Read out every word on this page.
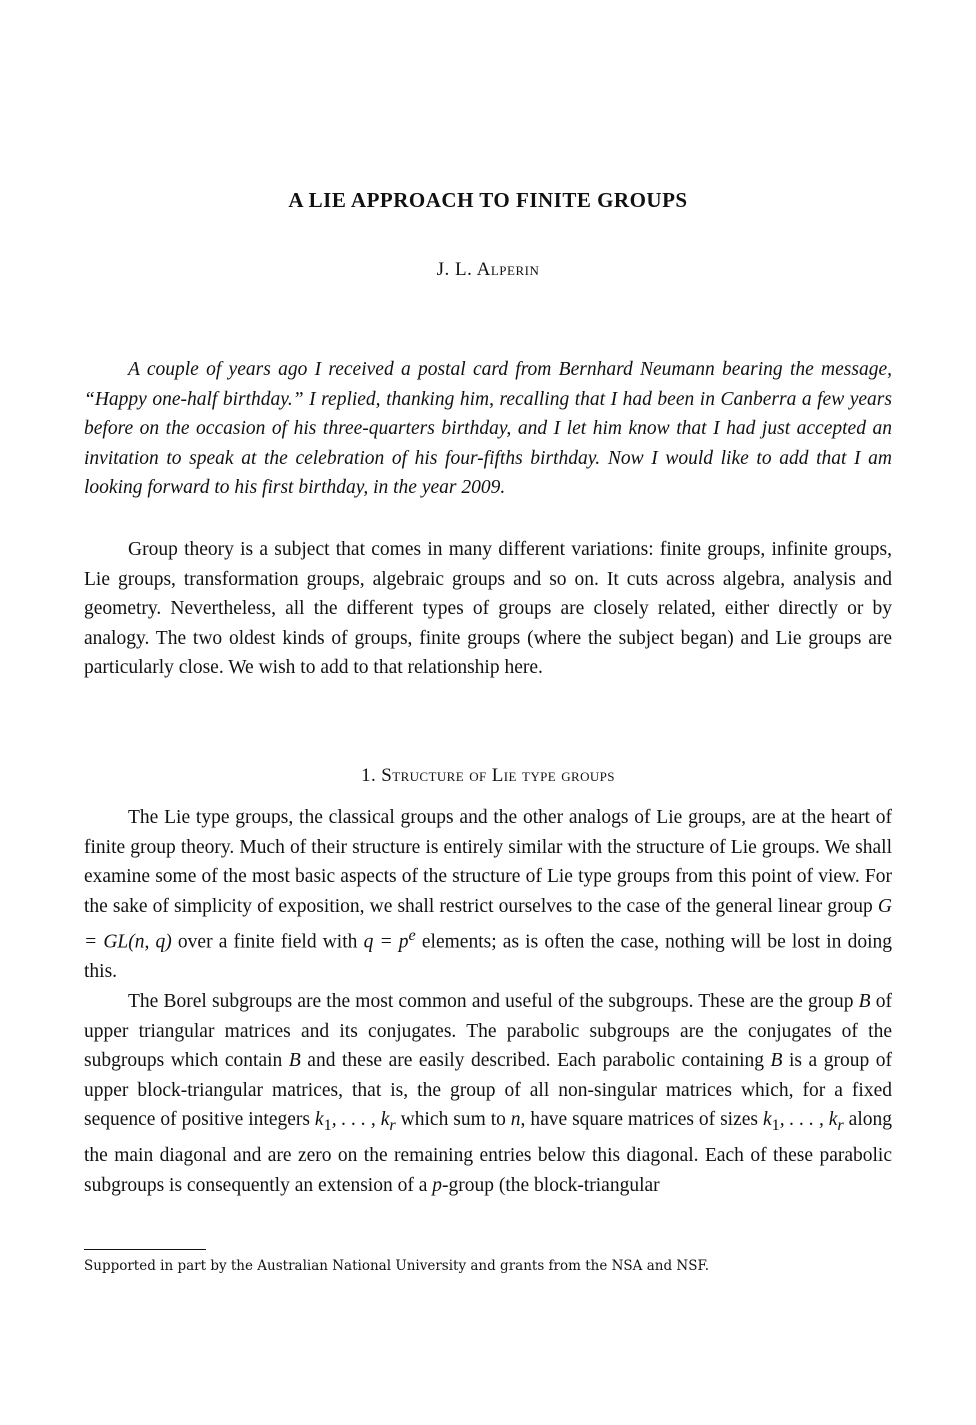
A LIE APPROACH TO FINITE GROUPS
J. L. Alperin

A couple of years ago I received a postal card from Bernhard Neumann bearing the message, “Happy one-half birthday.” I replied, thanking him, recalling that I had been in Canberra a few years before on the occasion of his three-quarters birthday, and I let him know that I had just accepted an invitation to speak at the celebration of his four-fifths birthday. Now I would like to add that I am looking forward to his first birthday, in the year 2009.

Group theory is a subject that comes in many different variations: finite groups, infinite groups, Lie groups, transformation groups, algebraic groups and so on. It cuts across algebra, analysis and geometry. Nevertheless, all the different types of groups are closely related, either directly or by analogy. The two oldest kinds of groups, finite groups (where the subject began) and Lie groups are particularly close. We wish to add to that relationship here.

1. Structure of Lie type groups

The Lie type groups, the classical groups and the other analogs of Lie groups, are at the heart of finite group theory. Much of their structure is entirely similar with the structure of Lie groups. We shall examine some of the most basic aspects of the structure of Lie type groups from this point of view. For the sake of simplicity of exposition, we shall restrict ourselves to the case of the general linear group G = GL(n, q) over a finite field with $q = p^e$ elements; as is often the case, nothing will be lost in doing this.

The Borel subgroups are the most common and useful of the subgroups. These are the group B of upper triangular matrices and its conjugates. The parabolic subgroups are the conjugates of the subgroups which contain B and these are easily described. Each parabolic containing B is a group of upper block-triangular matrices, that is, the group of all non-singular matrices which, for a fixed sequence of positive integers $k_1$, . . . , $k_r$ which sum to n, have square matrices of sizes $k_1$, . . . , $k_r$ along the main diagonal and are zero on the remaining entries below this diagonal. Each of these parabolic subgroups is consequently an extension of a p-group (the block-triangular

Supported in part by the Australian National University and grants from the NSA and NSF.
